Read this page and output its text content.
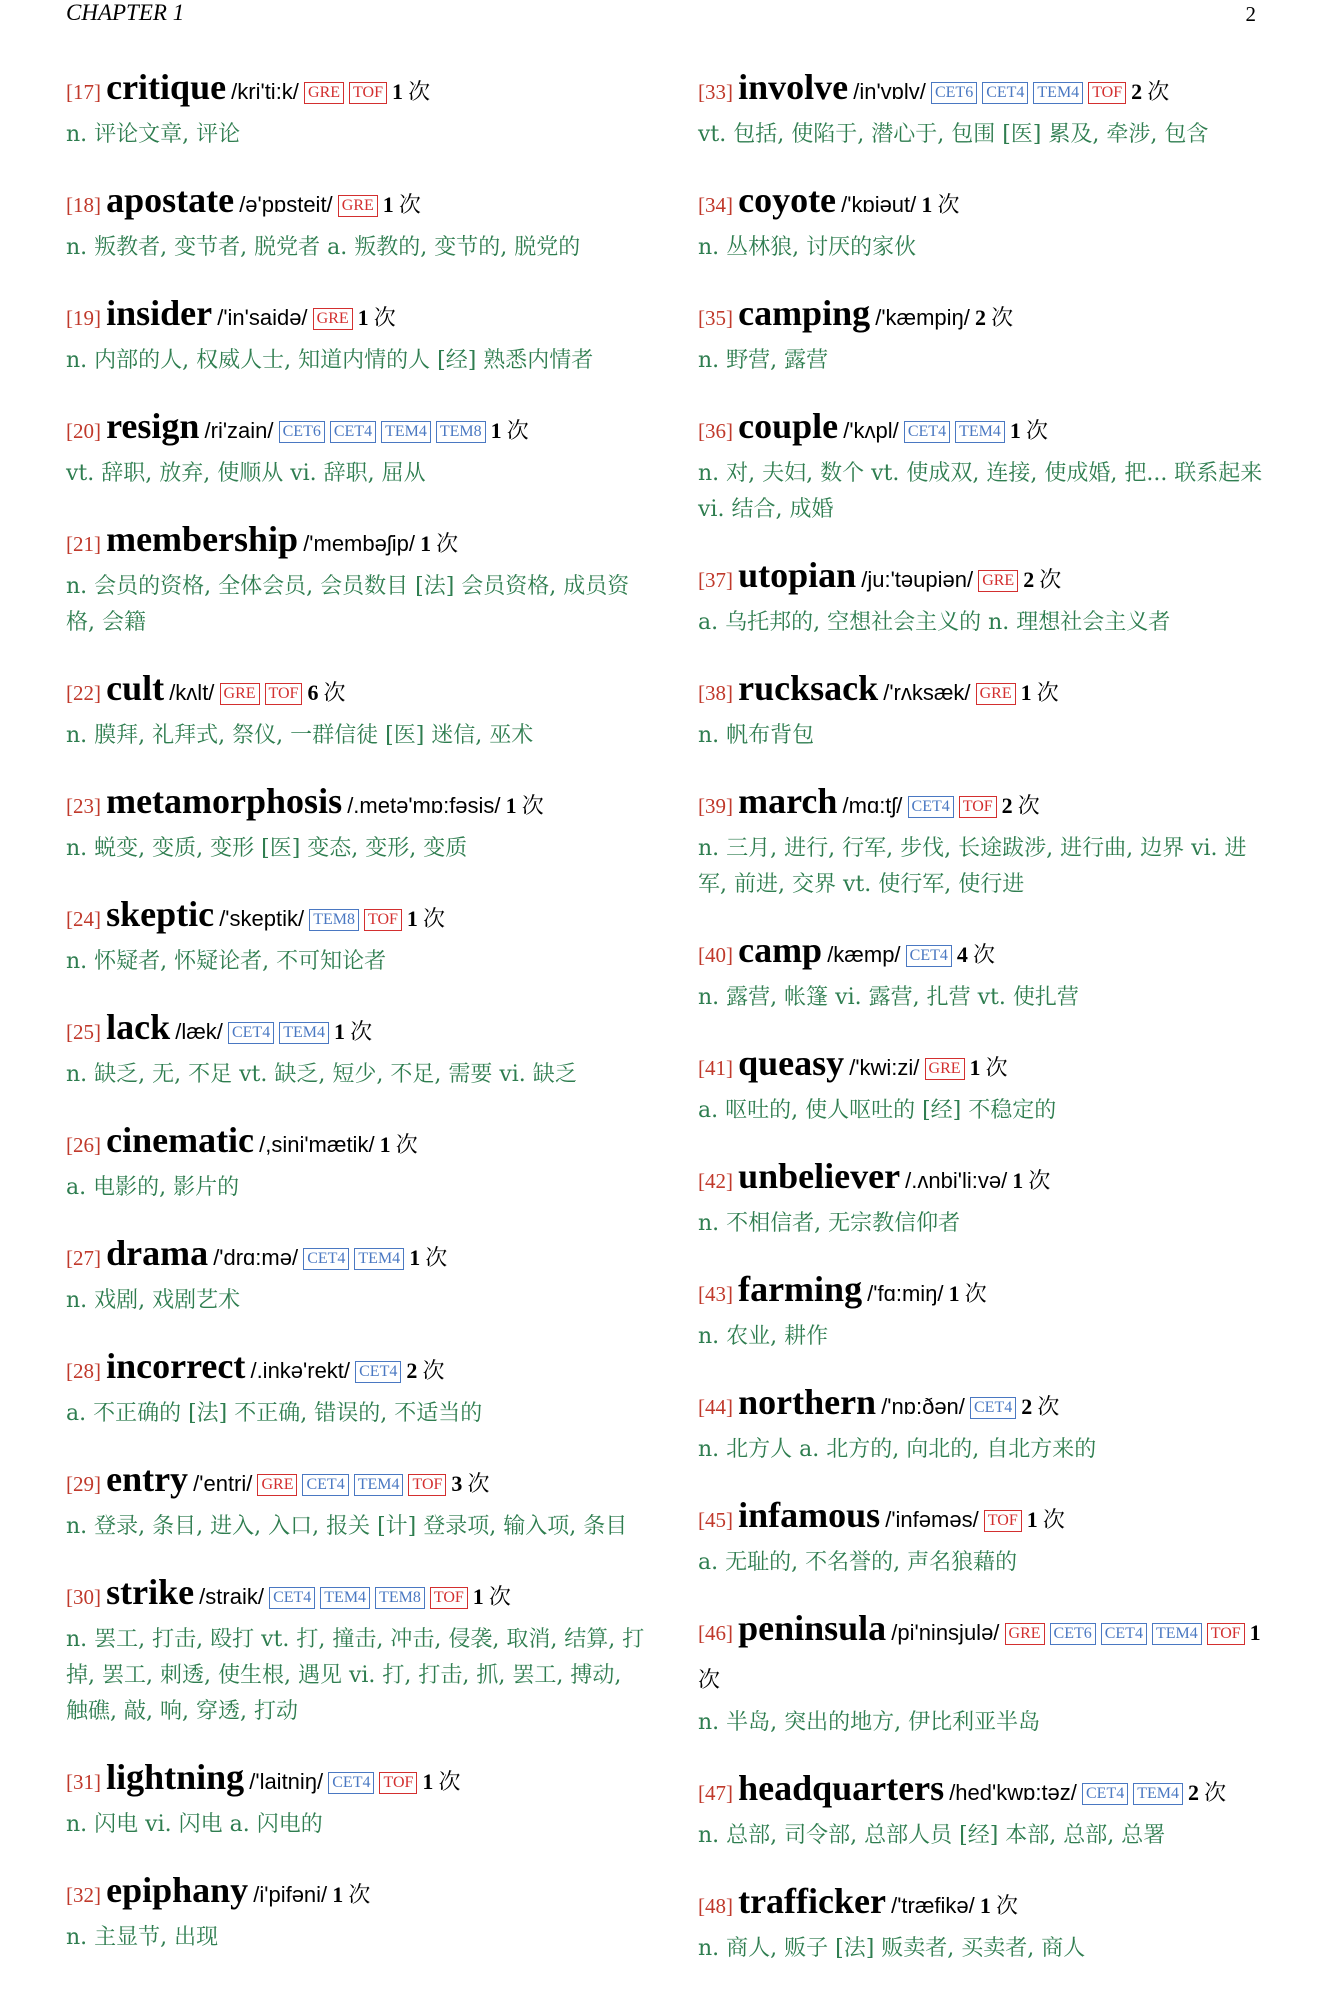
CHAPTER 1	2
[17] critique /kri'ti:k/ GRE TOF 1 次
n. 评论文章, 评论
[18] apostate /ə'pɒsteit/ GRE 1 次
n. 叛教者, 变节者, 脱党者 a. 叛教的, 变节的, 脱党的
[19] insider /'in'saidə/ GRE 1 次
n. 内部的人, 权威人士, 知道内情的人 [经] 熟悉内情者
[20] resign /ri'zain/ CET6 CET4 TEM4 TEM8 1 次
vt. 辞职, 放弃, 使顺从 vi. 辞职, 屈从
[21] membership /'membəʃip/ 1 次
n. 会员的资格, 全体会员, 会员数目 [法] 会员资格, 成员资格, 会籍
[22] cult /kʌlt/ GRE TOF 6 次
n. 膜拜, 礼拜式, 祭仪, 一群信徒 [医] 迷信, 巫术
[23] metamorphosis /.metə'mɒ:fəsis/ 1 次
n. 蜕变, 变质, 变形 [医] 变态, 变形, 变质
[24] skeptic /'skeptik/ TEM8 TOF 1 次
n. 怀疑者, 怀疑论者, 不可知论者
[25] lack /læk/ CET4 TEM4 1 次
n. 缺乏, 无, 不足 vt. 缺乏, 短少, 不足, 需要 vi. 缺乏
[26] cinematic /,sini'mætik/ 1 次
a. 电影的, 影片的
[27] drama /'drɑ:mə/ CET4 TEM4 1 次
n. 戏剧, 戏剧艺术
[28] incorrect /.inkə'rekt/ CET4 2 次
a. 不正确的 [法] 不正确, 错误的, 不适当的
[29] entry /'entri/ GRE CET4 TEM4 TOF 3 次
n. 登录, 条目, 进入, 入口, 报关 [计] 登录项, 输入项, 条目
[30] strike /straik/ CET4 TEM4 TEM8 TOF 1 次
n. 罢工, 打击, 殴打 vt. 打, 撞击, 冲击, 侵袭, 取消, 结算, 打掉, 罢工, 刺透, 使生根, 遇见 vi. 打, 打击, 抓, 罢工, 搏动, 触礁, 敲, 响, 穿透, 打动
[31] lightning /'laitniŋ/ CET4 TOF 1 次
n. 闪电 vi. 闪电 a. 闪电的
[32] epiphany /i'pifəni/ 1 次
n. 主显节, 出现
[33] involve /in'vɒlv/ CET6 CET4 TEM4 TOF 2 次
vt. 包括, 使陷于, 潜心于, 包围 [医] 累及, 牵涉, 包含
[34] coyote /'kɒiəut/ 1 次
n. 丛林狼, 讨厌的家伙
[35] camping /'kæmpiŋ/ 2 次
n. 野营, 露营
[36] couple /'kʌpl/ CET4 TEM4 1 次
n. 对, 夫妇, 数个 vt. 使成双, 连接, 使成婚, 把... 联系起来 vi. 结合, 成婚
[37] utopian /ju:'təupiən/ GRE 2 次
a. 乌托邦的, 空想社会主义的 n. 理想社会主义者
[38] rucksack /'rʌksæk/ GRE 1 次
n. 帆布背包
[39] march /mɑ:tʃ/ CET4 TOF 2 次
n. 三月, 进行, 行军, 步伐, 长途跋涉, 进行曲, 边界 vi. 进军, 前进, 交界 vt. 使行军, 使行进
[40] camp /kæmp/ CET4 4 次
n. 露营, 帐篷 vi. 露营, 扎营 vt. 使扎营
[41] queasy /'kwi:zi/ GRE 1 次
a. 呕吐的, 使人呕吐的 [经] 不稳定的
[42] unbeliever /.ʌnbi'li:və/ 1 次
n. 不相信者, 无宗教信仰者
[43] farming /'fɑ:miŋ/ 1 次
n. 农业, 耕作
[44] northern /'nɒ:ðən/ CET4 2 次
n. 北方人 a. 北方的, 向北的, 自北方来的
[45] infamous /'infəməs/ TOF 1 次
a. 无耻的, 不名誉的, 声名狼藉的
[46] peninsula /pi'ninsjulə/ GRE CET6 CET4 TEM4 TOF 1 次
n. 半岛, 突出的地方, 伊比利亚半岛
[47] headquarters /hed'kwɒ:təz/ CET4 TEM4 2 次
n. 总部, 司令部, 总部人员 [经] 本部, 总部, 总署
[48] trafficker /'træfikə/ 1 次
n. 商人, 贩子 [法] 贩卖者, 买卖者, 商人
